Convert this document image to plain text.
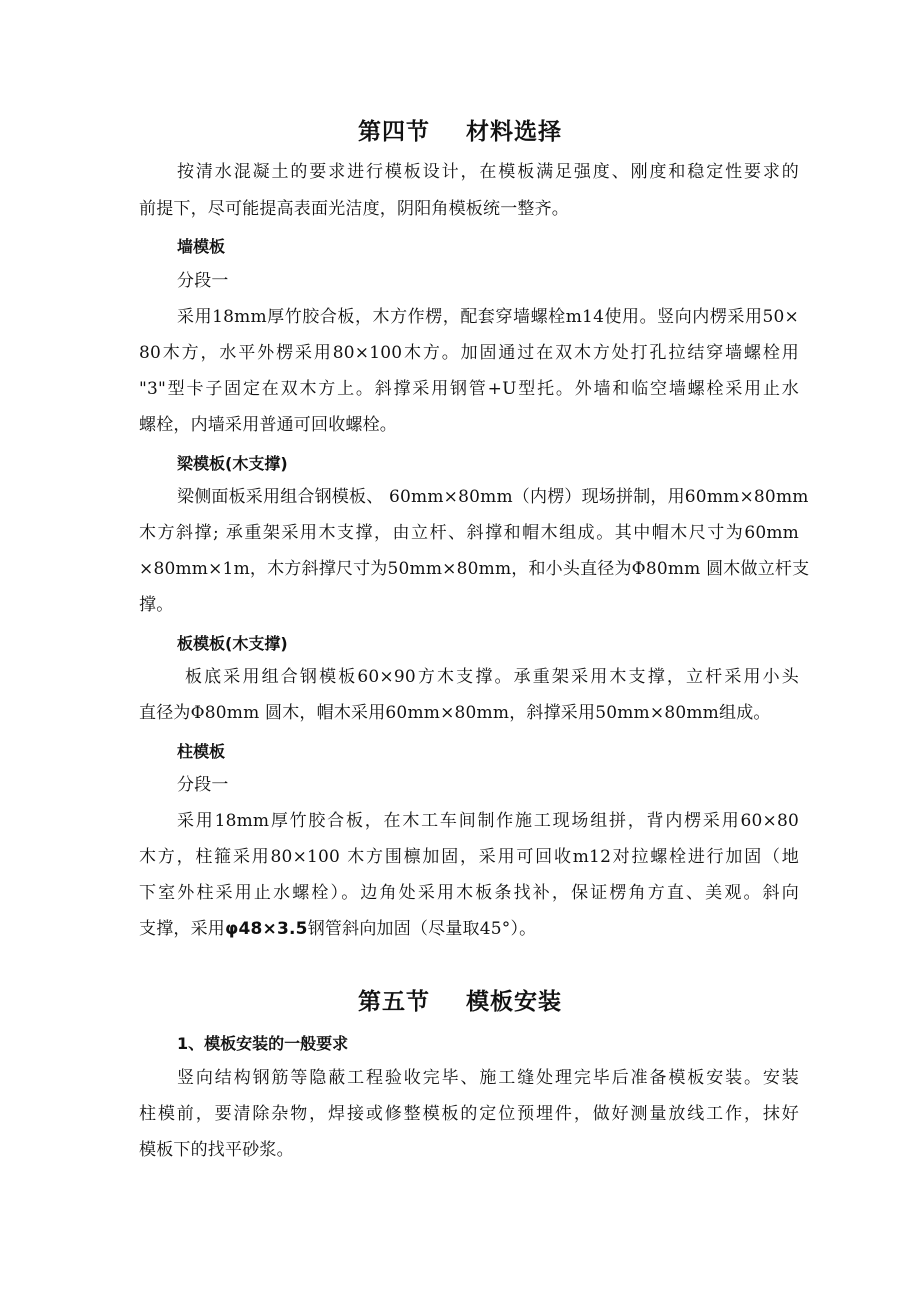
第四节    材料选择
按清水混凝土的要求进行模板设计，在模板满足强度、刚度和稳定性要求的
前提下，尽可能提高表面光洁度，阴阳角模板统一整齐。
墙模板
分段一
采用18mm厚竹胶合板，木方作楞，配套穿墙螺栓m14使用。竖向内楞采用50×
80木方，水平外楞采用80×100木方。加固通过在双木方处打孔拉结穿墙螺栓用
"3"型卡子固定在双木方上。斜撑采用钢管+U型托。外墙和临空墙螺栓采用止水
螺栓，内墙采用普通可回收螺栓。
梁模板(木支撑)
梁侧面板采用组合钢模板、 60mm×80mm（内楞）现场拼制，用60mm×80mm
木方斜撑; 承重架采用木支撑，由立杆、斜撑和帽木组成。其中帽木尺寸为60mm
×80mm×1m，木方斜撑尺寸为50mm×80mm，和小头直径为Φ80mm 圆木做立杆支
撑。
板模板(木支撑)
板底采用组合钢模板60×90方木支撑。承重架采用木支撑，立杆采用小头
直径为Φ80mm 圆木，帽木采用60mm×80mm，斜撑采用50mm×80mm组成。
柱模板
分段一
采用18mm厚竹胶合板，在木工车间制作施工现场组拼，背内楞采用60×80
木方，柱箍采用80×100 木方围檩加固，采用可回收m12对拉螺栓进行加固（地
下室外柱采用止水螺栓）。边角处采用木板条找补，保证楞角方直、美观。斜向
支撑，采用φ48×3.5钢管斜向加固（尽量取45°）。
第五节    模板安装
1、模板安装的一般要求
竖向结构钢筋等隐蔽工程验收完毕、施工缝处理完毕后准备模板安装。安装
柱模前，要清除杂物，焊接或修整模板的定位预埋件，做好测量放线工作，抹好
模板下的找平砂浆。
